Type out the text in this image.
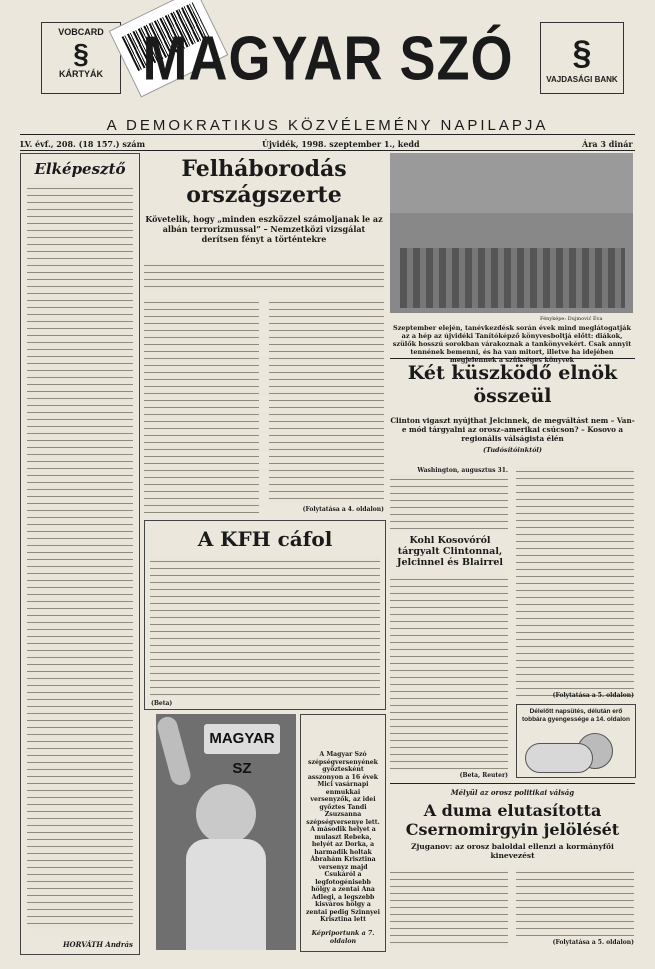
VOBCARD
§
KÁRTYÁK
§
VAJDASÁGI BANK
MAGYAR SZÓ
A DEMOKRATIKUS KÖZVÉLEMÉNY NAPILAPJA
LV. évf., 208. (18 157.) szám	Újvidék, 1998. szeptember 1., kedd	Ára 3 dinár
Elképesztő
HORVÁTH András
Felháborodás országszerte
Követelik, hogy „minden eszközzel számoljanak le az albán terrorizmussal” – Nemzetközi vizsgálat derítsen fényt a történtekre
(Folytatása a 4. oldalon)
A KFH cáfol
(Beta)
MAGYAR SZ
A Magyar Szó szépségversenyének győztesként asszonyon a 16 évek Mici vasárnapi enmukkai versenyzők, az idei győztes Tandi Zsuzsanna szépségversenye lett. A második helyet a mulaszt Rebeka, helyét az Dorka, a harmadik holtak Ábrahám Krisztina versenyz majd Csukáról a legfotogénisebb hölgy a zentai Ana Adlegi, a legszebb kisváros hölgy a zentai pedig Szinnyei Krisztina lett
Képriportunk a 7. oldalon
Fényképe: Dujmović Éva
Szeptember elején, tanévkezdésk során évek mind meglátogatják az a hép az újvidéki Tanítóképző könyvesboltjá előtt: diákok, szülők hosszú sorokban várakoznak a tankönyvekért. Csak annyit tennének bemenni, és ha van mitort, illetve ha idejében megjelennek a szükséges könyvek
Két küszködő elnök összeül
Clinton vigaszt nyújthat Jelcinnek, de megváltást nem – Van-e mód tárgyalni az orosz–amerikai csúcson? – Kosovo a regionális válságista élén
(Tudósítóinktól)
Washington, augusztus 31.
Kohl Kosovóról tárgyalt Clintonnal, Jelcinnel és Blairrel
(Beta, Reuter)
(Folytatása a 5. oldalon)
Délelőtt napsütés, délután erő tobbára gyengessége a 14. oldalon
Mélyül az orosz politikai válság
A duma elutasította Csernomirgyin jelölését
Zjuganov: az orosz baloldal ellenzi a kormányfői kinevezést
(Folytatása a 5. oldalon)
